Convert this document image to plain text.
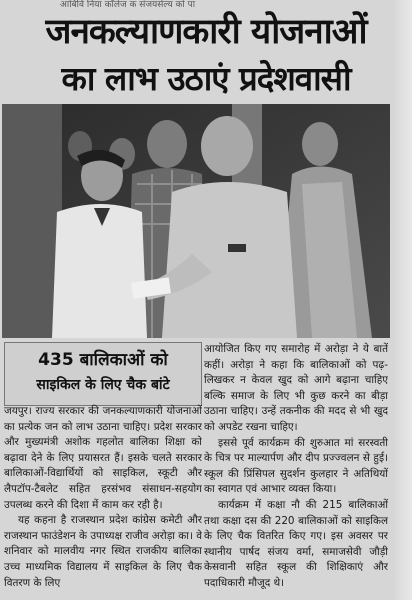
आबिवि निया काॅलेज क संजयसेल्य को पा
जनकल्याणकारी योजनाओं
का लाभ उठाएं प्रदेशवासी
435 बालिकाओं को
साइकिल के लिए चैक बांटे

जयपुर। राज्य सरकार की जनकल्याणकारी योजनाओं का प्रत्येक जन को लाभ उठाना चाहिए। प्रदेश सरकार और मुख्यमंत्री अशोक गहलोत बालिका शिक्षा को बढ़ावा देने के लिए प्रयासरत हैं। इसके चलते सरकार बालिकाओं-विद्यार्थियों को साइकिल, स्कूटी और लैपटॉप-टैबलेट सहित हरसंभव संसाधन-सहयोग उपलब्ध करने की दिशा में काम कर रही है।

यह कहना है राजस्थान प्रदेश कांग्रेस कमेटी और राजस्थान फाउंडेशन के उपाध्यक्ष राजीव अरोड़ा का। वे शनिवार को मालवीय नगर स्थित राजकीय बालिका उच्च माध्यमिक विद्यालय में साइकिल के लिए चैक वितरण के लिए

आयोजित किए गए समारोह में अरोड़ा ने ये बातें कहीं। अरोड़ा ने कहा कि बालिकाओं को पढ़-लिखकर न केवल खुद को आगे बढ़ाना चाहिए बल्कि समाज के लिए भी कुछ करने का बीड़ा उठाना चाहिए। उन्हें तकनीक की मदद से भी खुद को अपडेट रखना चाहिए।

इससे पूर्व कार्यक्रम की शुरुआत मां सरस्वती के चित्र पर माल्यार्पण और दीप प्रज्ज्वलन से हुई। स्कूल की प्रिंसिपल सुदर्शन कुलहार ने अतिथियों का स्वागत एवं आभार व्यक्त किया।

कार्यक्रम में कक्षा नौ की 215 बालिकाओं तथा कक्षा दस की 220 बालिकाओं को साइकिल के लिए चैक वितरित किए गए। इस अवसर पर स्थानीय पार्षद संजय वर्मा, समाजसेवी जौड़ी केसवानी सहित स्कूल की शिक्षिकाएं और पदाधिकारी मौजूद थे।
